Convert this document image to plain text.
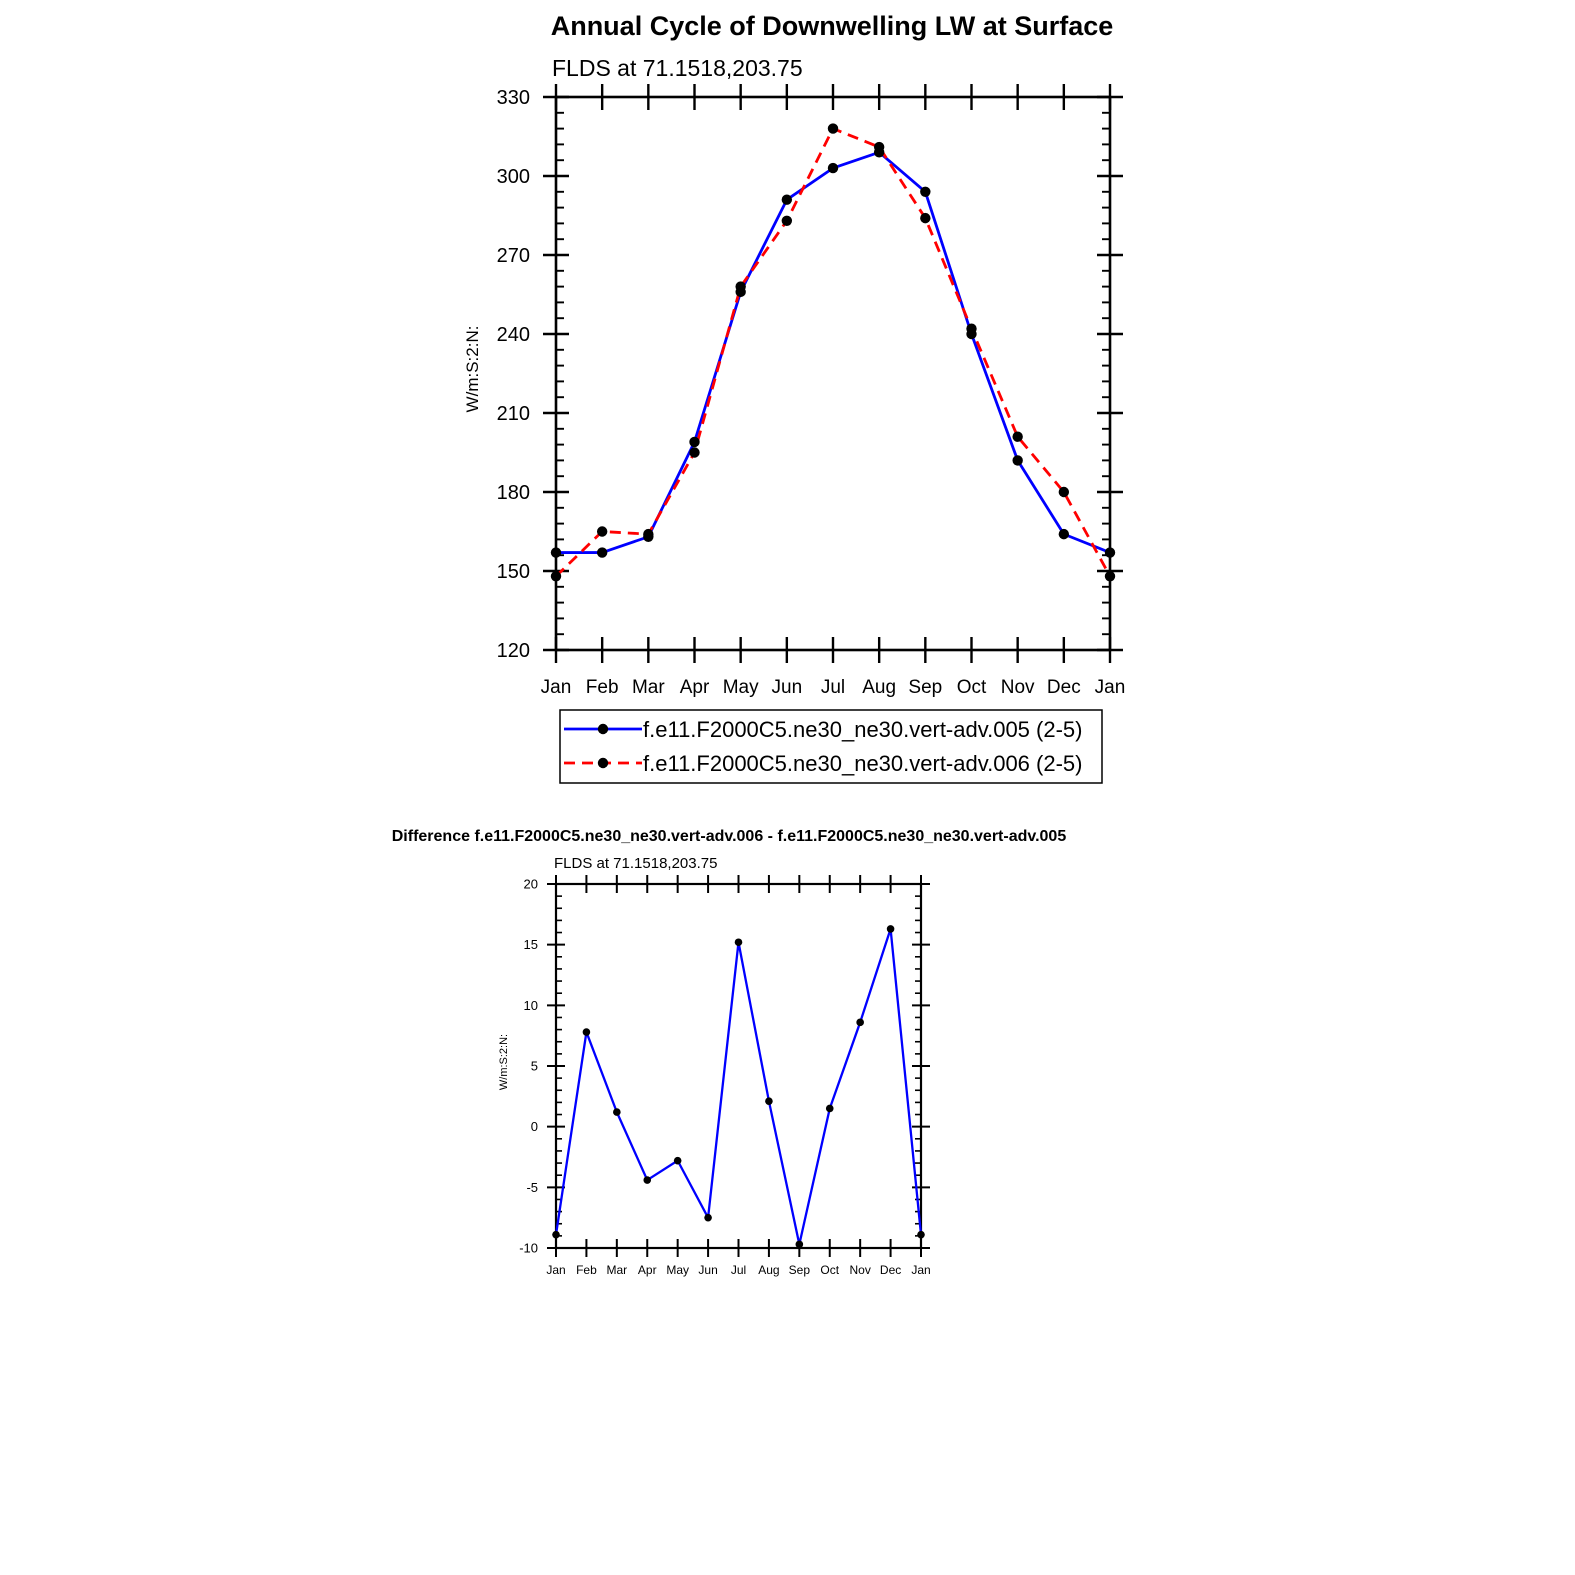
Annual Cycle of Downwelling LW at Surface
FLDS at 71.1518,203.75
W/m:S:2:N:
120
150
180
210
240
270
300
330
Jan Feb Mar Apr May Jun Jul Aug Sep Oct Nov Dec Jan
f.e11.F2000C5.ne30_ne30.vert-adv.005 (2-5)
f.e11.F2000C5.ne30_ne30.vert-adv.006 (2-5)
Difference f.e11.F2000C5.ne30_ne30.vert-adv.006 - f.e11.F2000C5.ne30_ne30.vert-adv.005
FLDS at 71.1518,203.75
W/m:S:2:N:
-10
-5
0
5
10
15
20
Jan Feb Mar Apr May Jun Jul Aug Sep Oct Nov Dec Jan
